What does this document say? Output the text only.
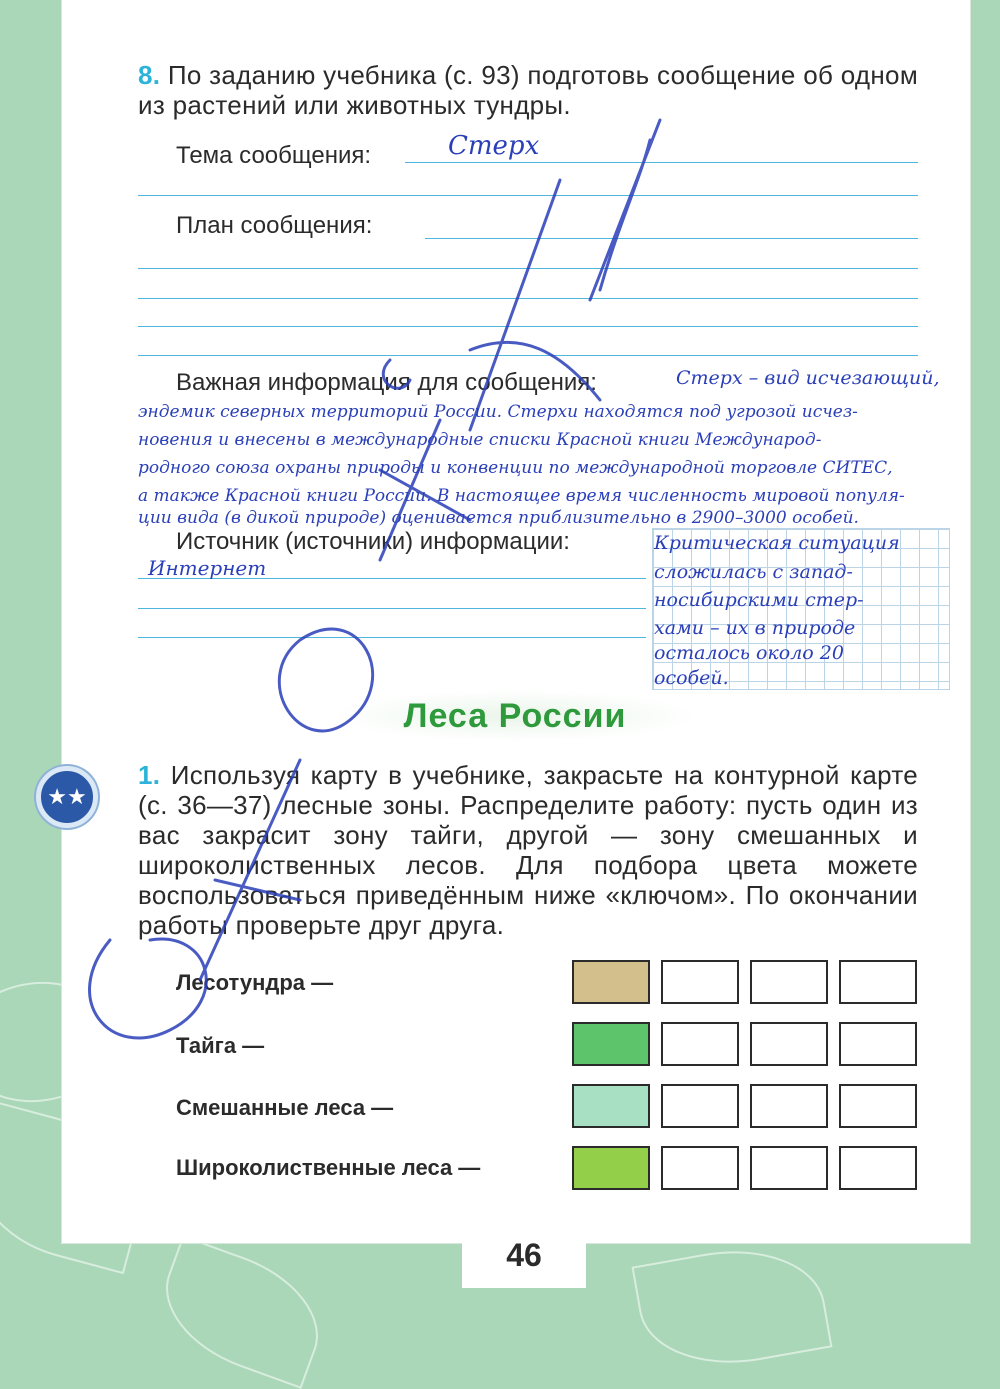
8. По заданию учебника (с. 93) подготовь сообщение об одном из растений или животных тундры.
Тема сообщения:	Стерх
План сообщения:
Важная информация для сообщения:	Стерх – вид исчезающий,
эндемик северных территорий России. Стерхи находятся под угрозой исчез-
новения и внесены в международные списки Красной книги Международ-
родного союза охраны природы и конвенции по международной торговле СИТЕС,
а также Красной книги России. В настоящее время численность мировой популя-
ции вида (в дикой природе) оценивается приблизительно в 2900–3000 особей.
Источник (источники) информации:
Интернет
Критическая ситуация
сложилась с запад-
носибирскими стер-
хами – их в природе
осталось около 20
особей.
Леса России
★★
1. Используя карту в учебнике, закрасьте на контурной карте (с. 36—37) лесные зоны. Распределите работу: пусть один из вас закрасит зону тайги, другой — зону смешанных и широколиственных лесов. Для подбора цвета можете воспользоваться приведённым ниже «ключом». По окончании работы проверьте друг друга.
Лесотундра —
Тайга —
Смешанные леса —
Широколиственные леса —
46
